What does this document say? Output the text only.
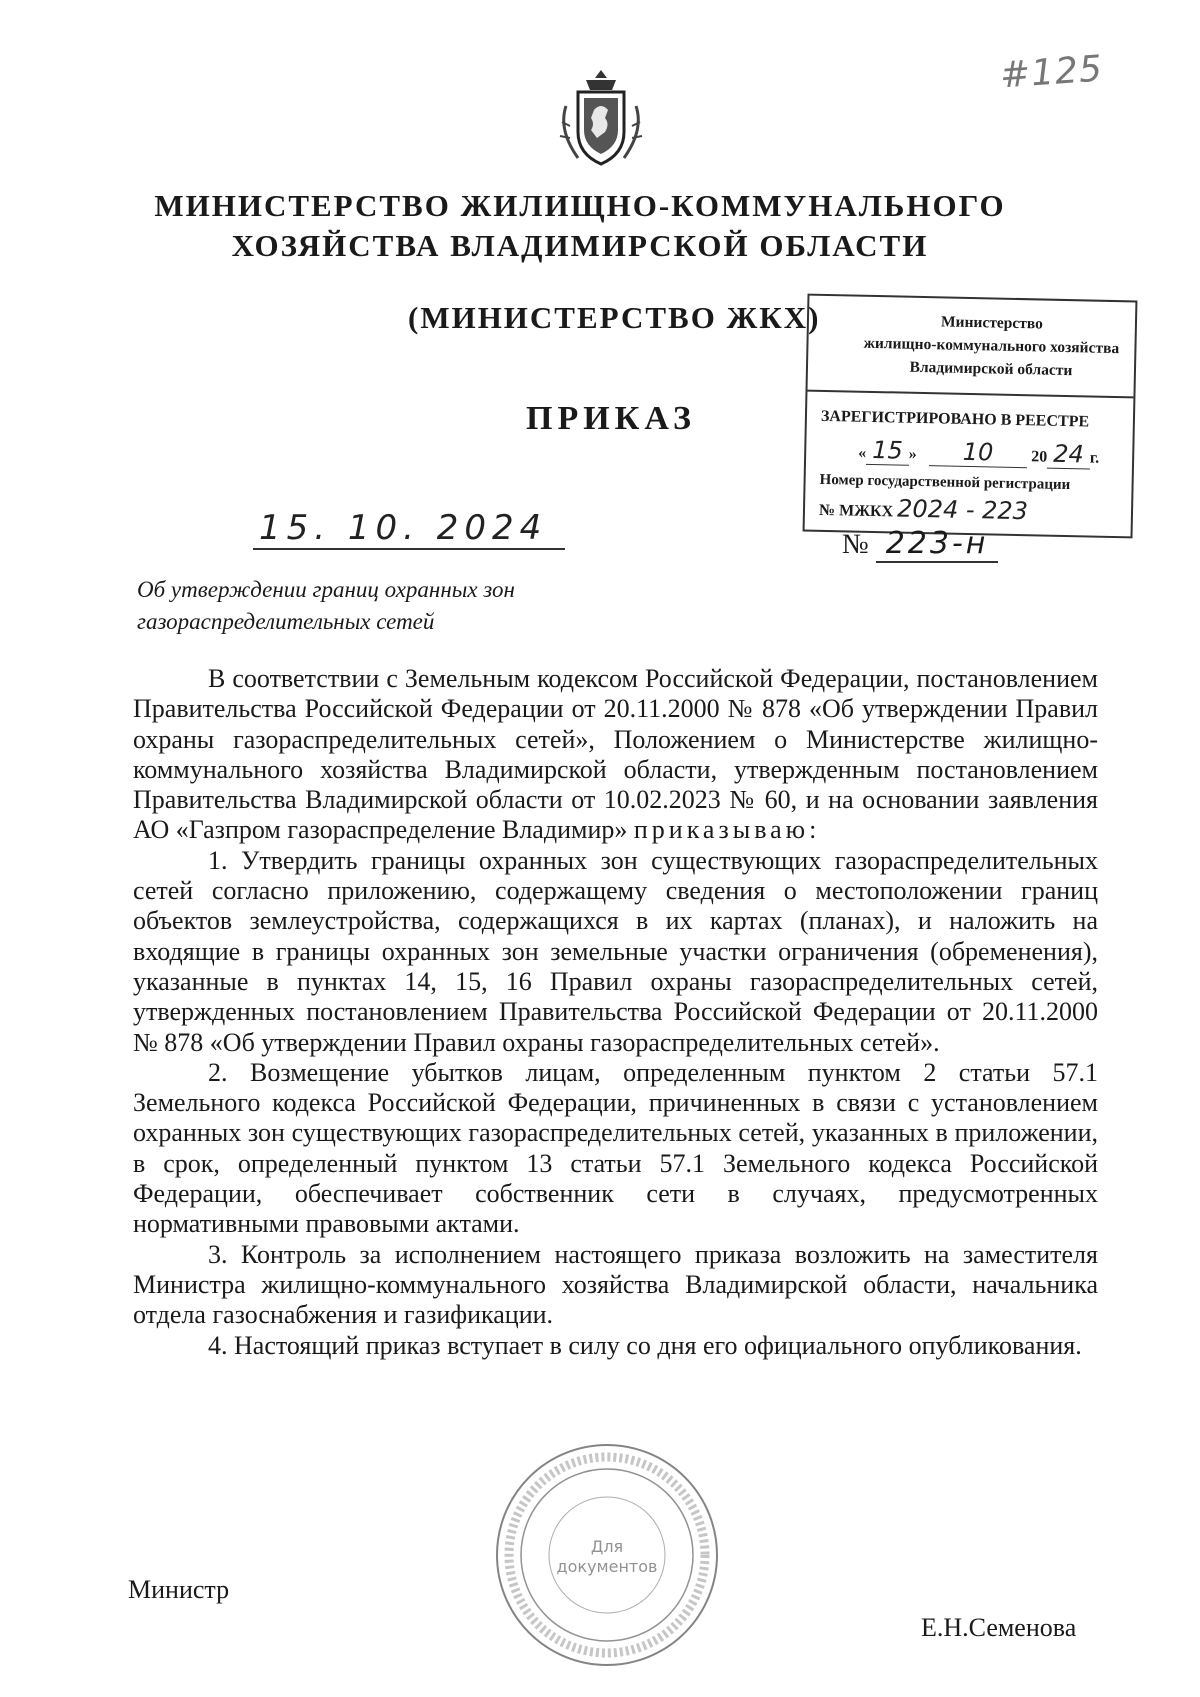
#125
МИНИСТЕРСТВО ЖИЛИЩНО-КОММУНАЛЬНОГО
ХОЗЯЙСТВА ВЛАДИМИРСКОЙ ОБЛАСТИ
(МИНИСТЕРСТВО ЖКХ)
ПРИКАЗ
Министерство
жилищно-коммунального хозяйства
Владимирской области
ЗАРЕГИСТРИРОВАНО В РЕЕСТРЕ
« 15 » 10 20 24 г.
Номер государственной регистрации
№ МЖКХ 2024 - 223
15. 10. 2024	№ 223-н
Об утверждении границ охранных зон
газораспределительных сетей

В соответствии с Земельным кодексом Российской Федерации, постановлением Правительства Российской Федерации от 20.11.2000 № 878 «Об утверждении Правил охраны газораспределительных сетей», Положением о Министерстве жилищно-коммунального хозяйства Владимирской области, утвержденным постановлением Правительства Владимирской области от 10.02.2023 № 60, и на основании заявления АО «Газпром газораспределение Владимир» приказываю:

1. Утвердить границы охранных зон существующих газораспределительных сетей согласно приложению, содержащему сведения о местоположении границ объектов землеустройства, содержащихся в их картах (планах), и наложить на входящие в границы охранных зон земельные участки ограничения (обременения), указанные в пунктах 14, 15, 16 Правил охраны газораспределительных сетей, утвержденных постановлением Правительства Российской Федерации от 20.11.2000 № 878 «Об утверждении Правил охраны газораспределительных сетей».

2. Возмещение убытков лицам, определенным пунктом 2 статьи 57.1 Земельного кодекса Российской Федерации, причиненных в связи с установлением охранных зон существующих газораспределительных сетей, указанных в приложении, в срок, определенный пунктом 13 статьи 57.1 Земельного кодекса Российской Федерации, обеспечивает собственник сети в случаях, предусмотренных нормативными правовыми актами.

3. Контроль за исполнением настоящего приказа возложить на заместителя Министра жилищно-коммунального хозяйства Владимирской области, начальника отдела газоснабжения и газификации.

4. Настоящий приказ вступает в силу со дня его официального опубликования.

Для
документов
Министр
Е.Н.Семенова
